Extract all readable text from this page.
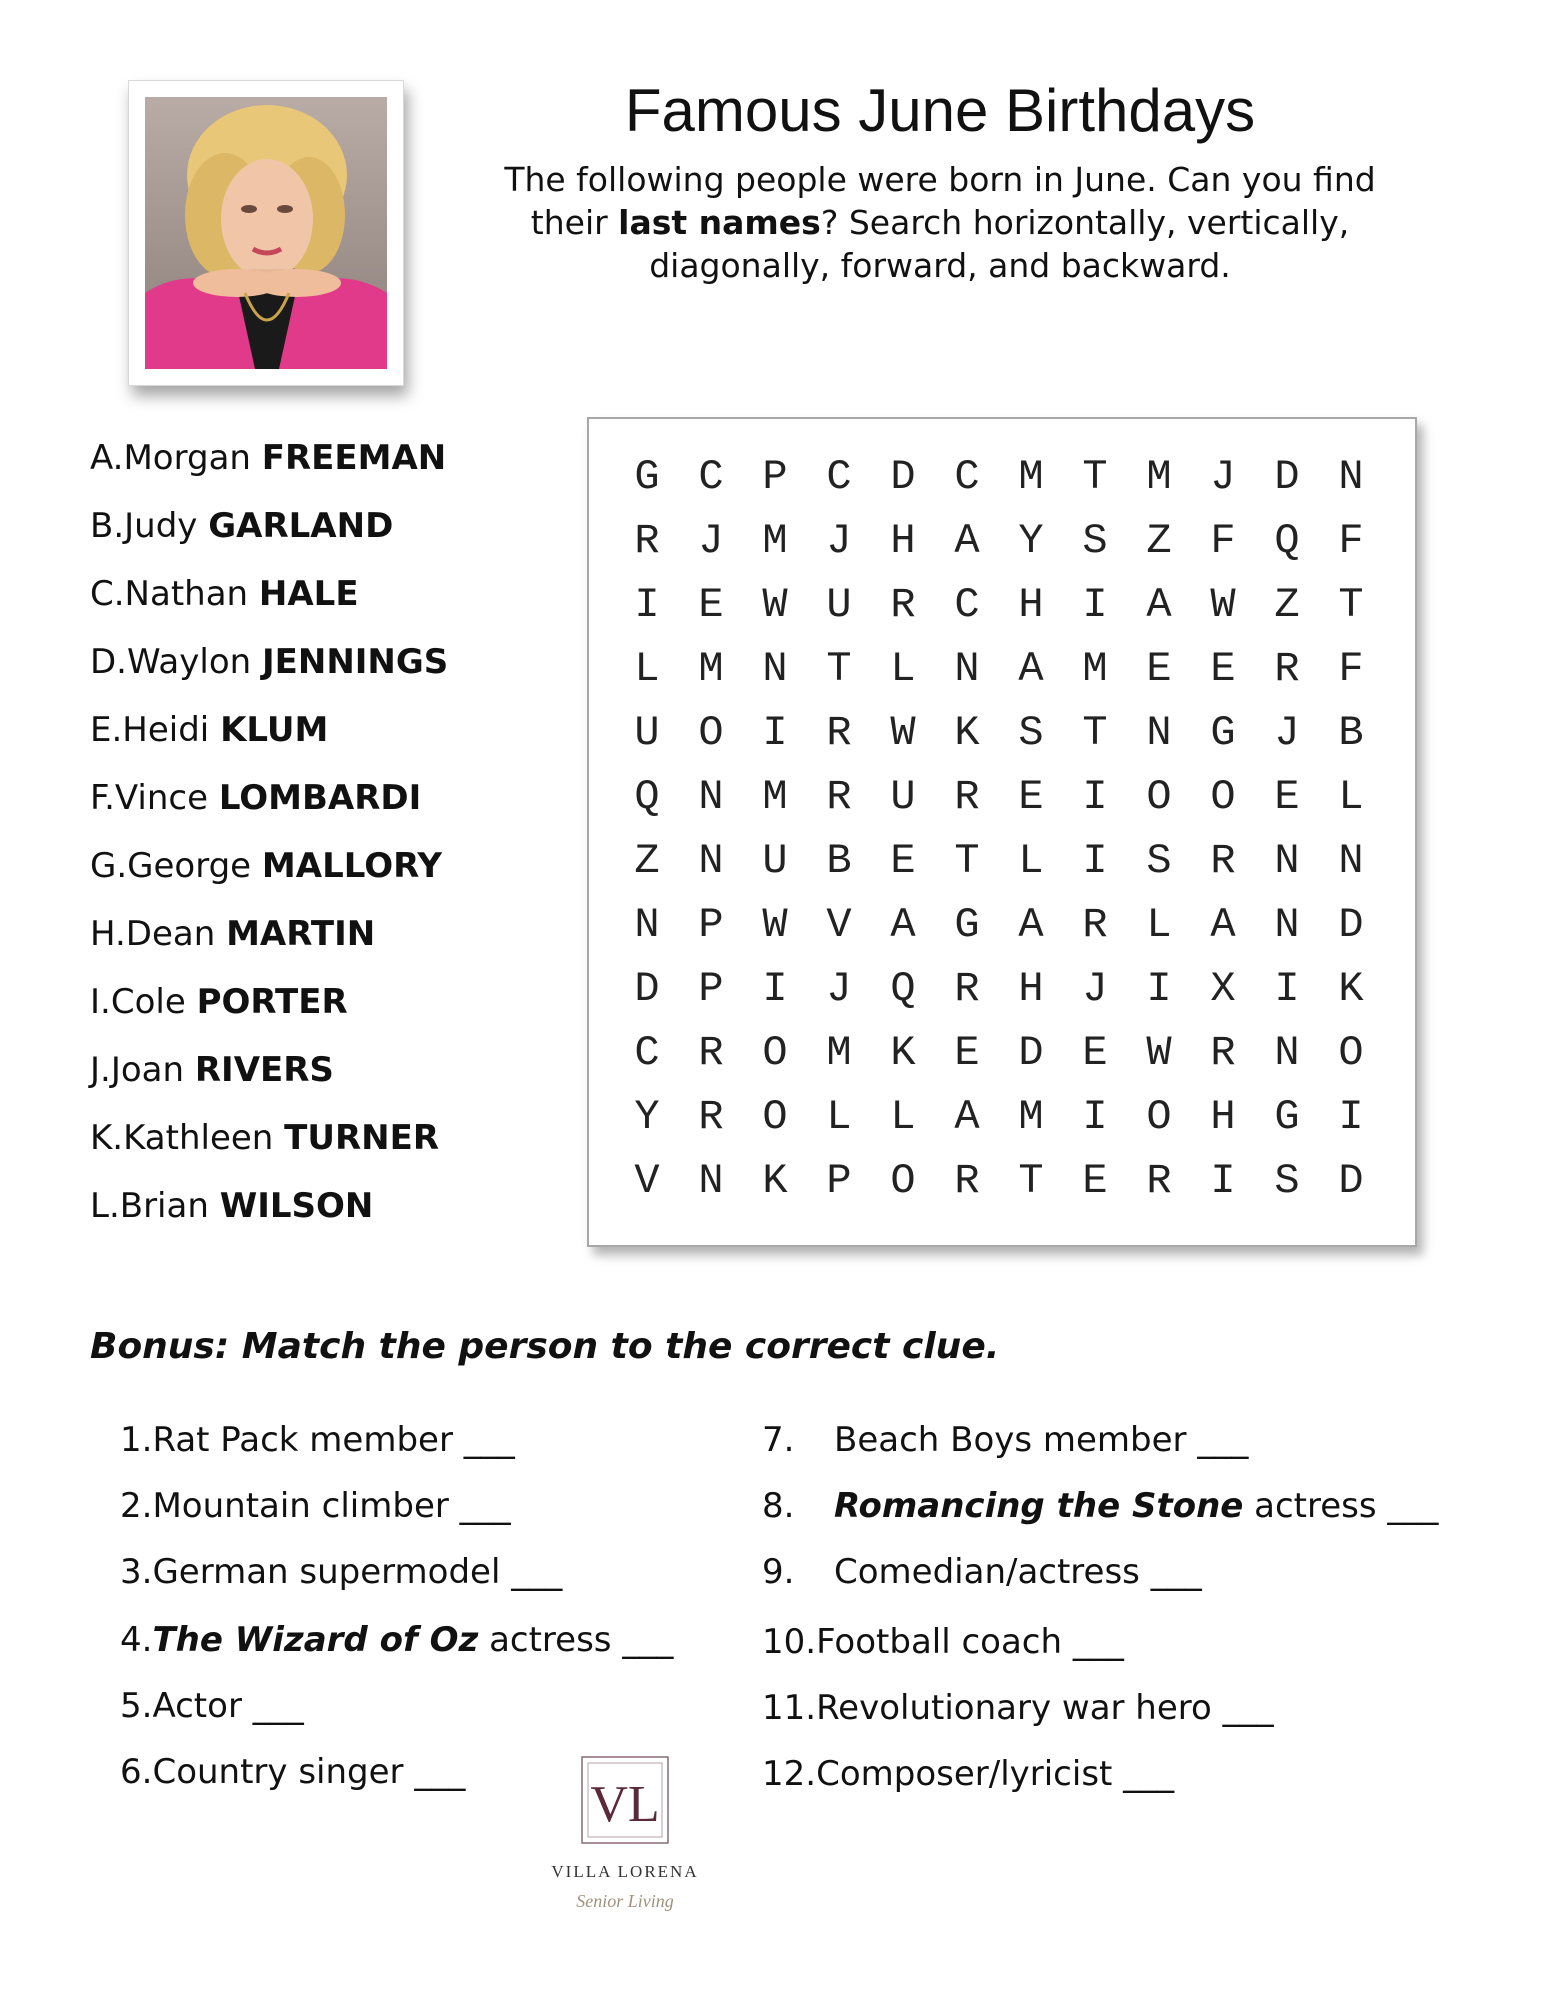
Famous June Birthdays
The following people were born in June. Can you find
their last names? Search horizontally, vertically,
diagonally, forward, and backward.
A.Morgan FREEMAN
B.Judy GARLAND
C.Nathan HALE
D.Waylon JENNINGS
E.Heidi KLUM
F.Vince LOMBARDI
G.George MALLORY
H.Dean MARTIN
I.Cole PORTER
J.Joan RIVERS
K.Kathleen TURNER
L.Brian WILSON
G C P C D C M T M J D N
R J M J H A Y S Z F Q F
I E W U R C H I A W Z T
L M N T L N A M E E R F
U O I R W K S T N G J B
Q N M R U R E I O O E L
Z N U B E T L I S R N N
N P W V A G A R L A N D
D P I J Q R H J I X I K
C R O M K E D E W R N O
Y R O L L A M I O H G I
V N K P O R T E R I S D
Bonus: Match the person to the correct clue.
1.Rat Pack member ___
2.Mountain climber ___
3.German supermodel ___
4.The Wizard of Oz actress ___
5.Actor ___
6.Country singer ___
7. Beach Boys member ___
8. Romancing the Stone actress ___
9. Comedian/actress ___
10.Football coach ___
11.Revolutionary war hero ___
12.Composer/lyricist ___
VL
VILLA LORENA
Senior Living
